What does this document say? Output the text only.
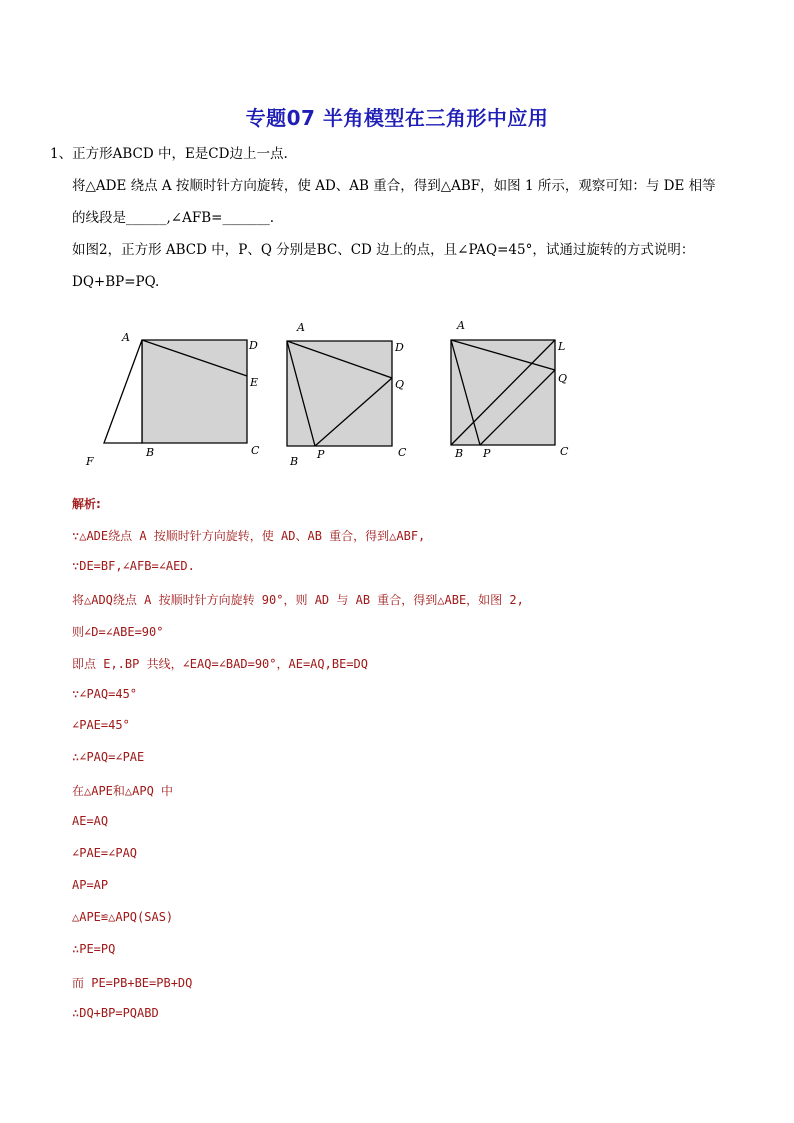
专题07 半角模型在三角形中应用
1、正方形ABCD 中，E是CD边上一点.
将△ADE 绕点 A 按顺时针方向旋转，使 AD、AB 重合，得到△ABF，如图 1 所示，观察可知：与 DE 相等
的线段是______,∠AFB=_______.
如图2，正方形 ABCD 中，P、Q 分别是BC、CD 边上的点，且∠PAQ=45°，试通过旋转的方式说明：
DQ+BP=PQ.
A
D
E
C
B
F
A
D
Q
C
B
P
A
L
Q
C
B P
解析:
∵△ADE绕点 A 按顺时针方向旋转，使 AD、AB 重合，得到△ABF,
∵DE=BF,∠AFB=∠AED.
将△ADQ绕点 A 按顺时针方向旋转 90°，则 AD 与 AB 重合，得到△ABE，如图 2,
则∠D=∠ABE=90°
即点 E,.BP 共线，∠EAQ=∠BAD=90°，AE=AQ,BE=DQ
∵∠PAQ=45°
∠PAE=45°
∴∠PAQ=∠PAE
在△APE和△APQ 中
AE=AQ
∠PAE=∠PAQ
AP=AP
△APE≌△APQ(SAS)
∴PE=PQ
而 PE=PB+BE=PB+DQ
∴DQ+BP=PQABD
